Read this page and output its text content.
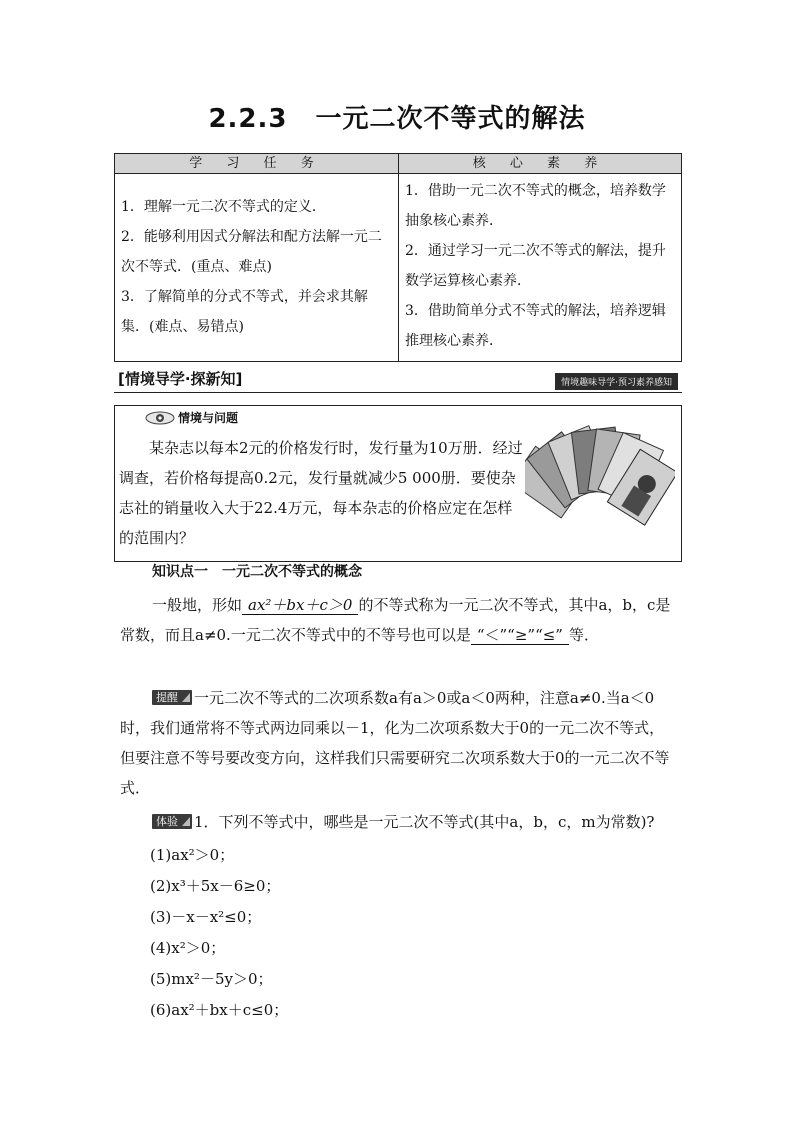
2.2.3 一元二次不等式的解法
学 习 任 务	核 心 素 养

1．理解一元二次不等式的定义．

2．能够利用因式分解法和配方法解一元二次不等式．(重点、难点)

3．了解简单的分式不等式，并会求其解集．(难点、易错点)

1．借助一元二次不等式的概念，培养数学抽象核心素养．

2．通过学习一元二次不等式的解法，提升数学运算核心素养．

3．借助简单分式不等式的解法，培养逻辑推理核心素养．

[情境导学·探新知]	情境趣味导学·预习素养感知
情境与问题
某杂志以每本2元的价格发行时，发行量为10万册．经过调查，若价格每提高0.2元，发行量就减少5 000册．要使杂志社的销量收入大于22.4万元，每本杂志的价格应定在怎样的范围内？
知识点一 一元二次不等式的概念
一般地，形如 ax²＋bx＋c＞0 的不等式称为一元二次不等式，其中a，b，c是常数，而且a≠0.一元二次不等式中的不等号也可以是 “＜”“≥”“≤” 等．
提醒 一元二次不等式的二次项系数a有a＞0或a＜0两种，注意a≠0.当a＜0时，我们通常将不等式两边同乘以－1，化为二次项系数大于0的一元二次不等式，但要注意不等号要改变方向，这样我们只需要研究二次项系数大于0的一元二次不等式．
体验 1．下列不等式中，哪些是一元二次不等式(其中a，b，c，m为常数)?
(1)ax²＞0；
(2)x³＋5x－6≥0；
(3)－x－x²≤0；
(4)x²＞0；
(5)mx²－5y＞0；
(6)ax²＋bx＋c≤0；
